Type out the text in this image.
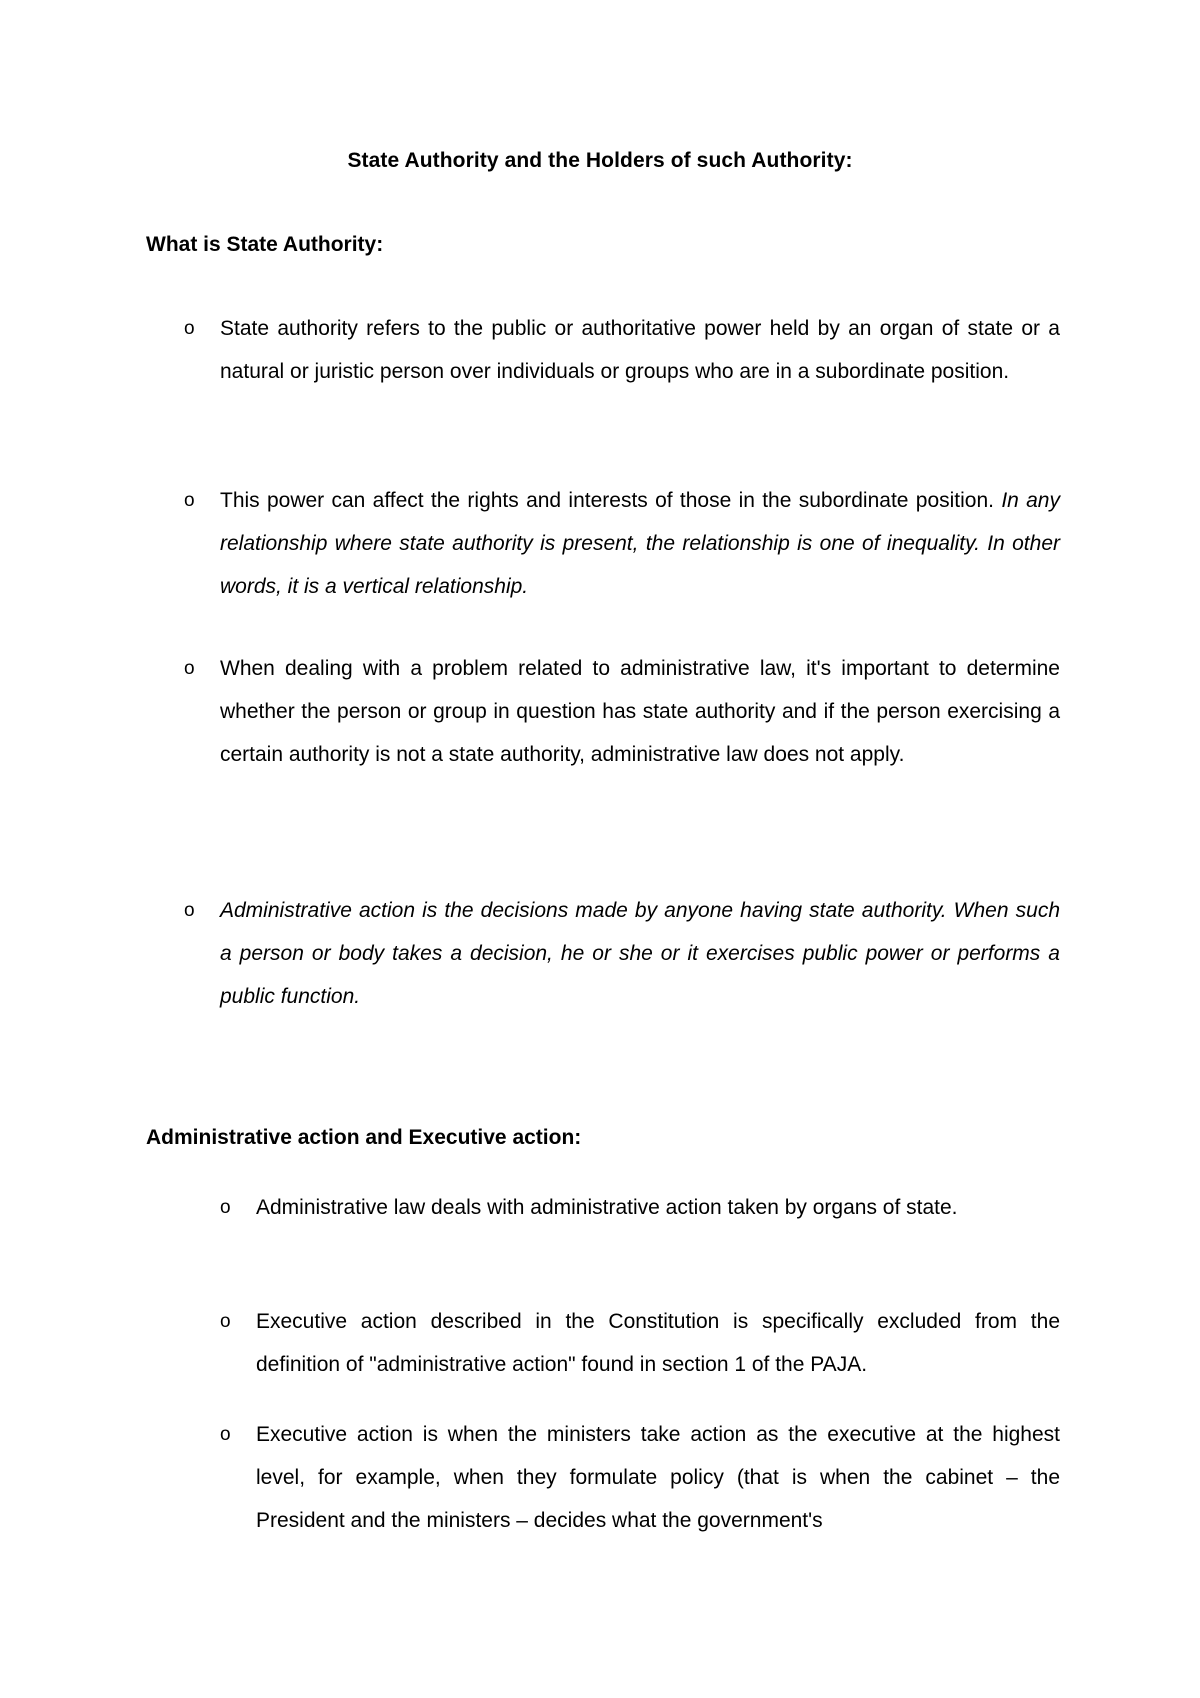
State Authority and the Holders of such Authority:
What is State Authority:
o State authority refers to the public or authoritative power held by an organ of state or a natural or juristic person over individuals or groups who are in a subordinate position.

o This power can affect the rights and interests of those in the subordinate position. In any relationship where state authority is present, the relationship is one of inequality. In other words, it is a vertical relationship.

o When dealing with a problem related to administrative law, it's important to determine whether the person or group in question has state authority and if the person exercising a certain authority is not a state authority, administrative law does not apply.

o Administrative action is the decisions made by anyone having state authority. When such a person or body takes a decision, he or she or it exercises public power or performs a public function.

Administrative action and Executive action:
o Administrative law deals with administrative action taken by organs of state.

o Executive action described in the Constitution is specifically excluded from the definition of "administrative action" found in section 1 of the PAJA.

o Executive action is when the ministers take action as the executive at the highest level, for example, when they formulate policy (that is when the cabinet – the President and the ministers – decides what the government's
